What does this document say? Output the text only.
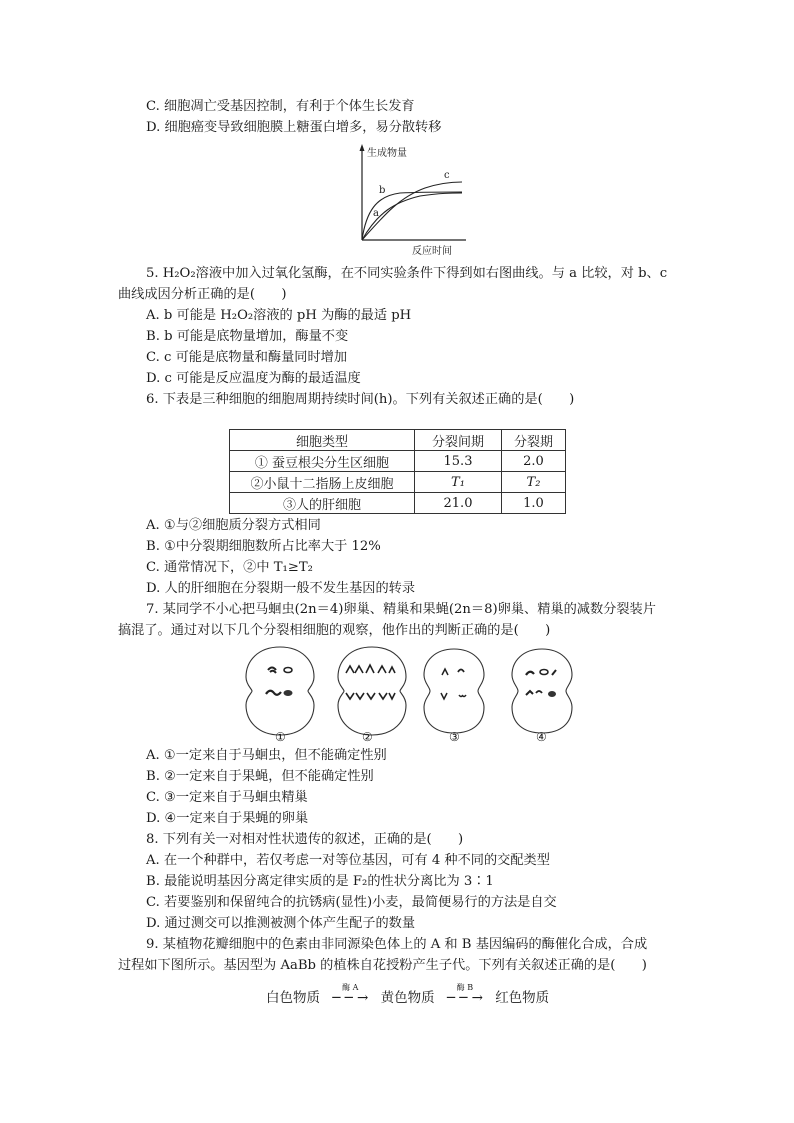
C. 细胞凋亡受基因控制，有利于个体生长发育
D. 细胞癌变导致细胞膜上糖蛋白增多，易分散转移
生成物量
反应时间
a
b
c
5. H₂O₂溶液中加入过氧化氢酶，在不同实验条件下得到如右图曲线。与 a 比较，对 b、c
曲线成因分析正确的是(　　)
A. b 可能是 H₂O₂溶液的 pH 为酶的最适 pH
B. b 可能是底物量增加，酶量不变
C. c 可能是底物量和酶量同时增加
D. c 可能是反应温度为酶的最适温度
6. 下表是三种细胞的细胞周期持续时间(h)。下列有关叙述正确的是(　　)
细胞类型	分裂间期	分裂期
① 蚕豆根尖分生区细胞	15.3	2.0
②小鼠十二指肠上皮细胞	T₁	T₂
③人的肝细胞	21.0	1.0
A. ①与②细胞质分裂方式相同
B. ①中分裂期细胞数所占比率大于 12%
C. 通常情况下，②中 T₁≥T₂
D. 人的肝细胞在分裂期一般不发生基因的转录
7. 某同学不小心把马蛔虫(2n＝4)卵巢、精巢和果蝇(2n＝8)卵巢、精巢的减数分裂装片
搞混了。通过对以下几个分裂相细胞的观察，他作出的判断正确的是(　　)
①	②	③	④
A. ①一定来自于马蛔虫，但不能确定性别
B. ②一定来自于果蝇，但不能确定性别
C. ③一定来自于马蛔虫精巢
D. ④一定来自于果蝇的卵巢
8. 下列有关一对相对性状遗传的叙述，正确的是(　　)
A. 在一个种群中，若仅考虑一对等位基因，可有 4 种不同的交配类型
B. 最能说明基因分离定律实质的是 F₂的性状分离比为 3∶1
C. 若要鉴别和保留纯合的抗锈病(显性)小麦，最简便易行的方法是自交
D. 通过测交可以推测被测个体产生配子的数量
9. 某植物花瓣细胞中的色素由非同源染色体上的 A 和 B 基因编码的酶催化合成，合成
过程如下图所示。基因型为 AaBb 的植株自花授粉产生子代。下列有关叙述正确的是(　　)
白色物质
酶 A
─ ─ → 黄色物质
酶 B
─ ─ → 红色物质
